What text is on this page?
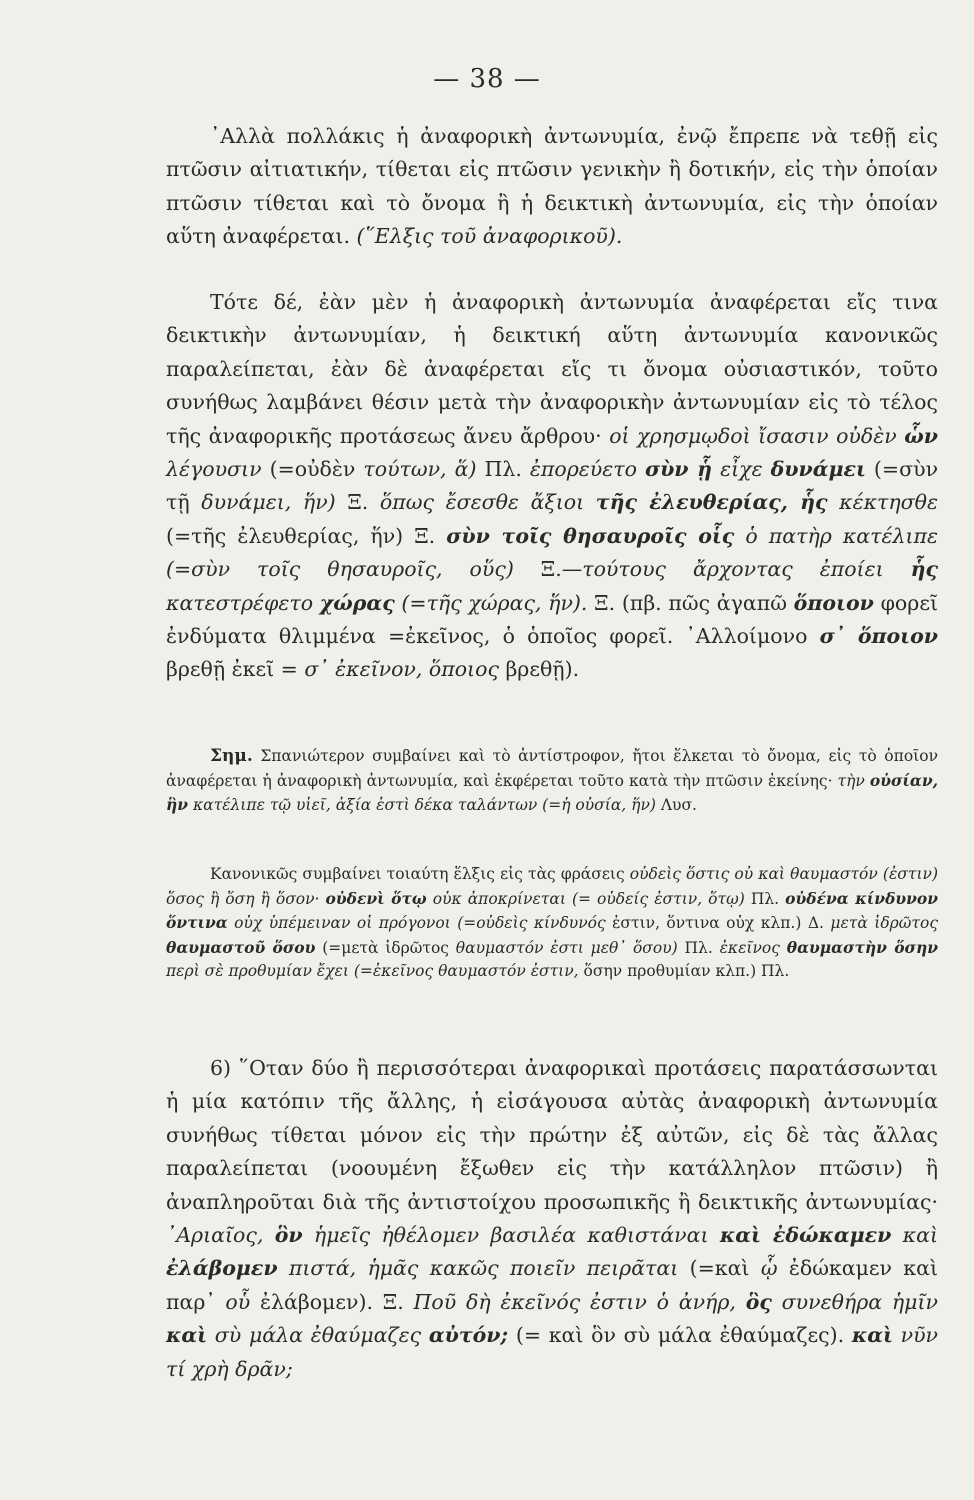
— 38 —

᾿Αλλὰ πολλάκις ἡ ἀναφορικὴ ἀντωνυμία, ἐνῷ ἔπρεπε νὰ τεθῇ εἰς πτῶσιν αἰτιατικήν, τίθεται εἰς πτῶσιν γενικὴν ἢ δοτικήν, εἰς τὴν ὁποίαν πτῶσιν τίθεται καὶ τὸ ὄνομα ἢ ἡ δεικτικὴ ἀντωνυμία, εἰς τὴν ὁποίαν αὕτη ἀναφέρεται. (῞Ελξις τοῦ ἀναφορικοῦ).

Τότε δέ, ἐὰν μὲν ἡ ἀναφορικὴ ἀντωνυμία ἀναφέρεται εἴς τινα δεικτικὴν ἀντωνυμίαν, ἡ δεικτική αὕτη ἀντωνυμία κανονικῶς παραλείπεται, ἐὰν δὲ ἀναφέρεται εἴς τι ὄνομα οὐσιαστικόν, τοῦτο συνήθως λαμβάνει θέσιν μετὰ τὴν ἀναφορικὴν ἀντωνυμίαν εἰς τὸ τέλος τῆς ἀναφορικῆς προτάσεως ἄνευ ἄρθρου· οἱ χρησμῳδοὶ ἴσασιν οὐδὲν ὧν λέγουσιν (=οὐδὲν τούτων, ἅ) Πλ. ἐπορεύετο σὺν ᾗ εἶχε δυνάμει (=σὺν τῇ δυνάμει, ἥν) Ξ. ὅπως ἔσεσθε ἄξιοι τῆς ἐλευθερίας, ἧς κέκτησθε (=τῆς ἐλευθερίας, ἥν) Ξ. σὺν τοῖς θησαυροῖς οἷς ὁ πατὴρ κατέλιπε (=σὺν τοῖς θησαυροῖς, οὕς) Ξ.—τούτους ἄρχοντας ἐποίει ἧς κατεστρέφετο χώρας (=τῆς χώρας, ἥν). Ξ. (πβ. πῶς ἀγαπῶ ὅποιον φορεῖ ἐνδύματα θλιμμένα =ἐκεῖνος, ὁ ὁποῖος φορεῖ. ᾿Αλλοίμονο σ᾿ ὅποιον βρεθῇ ἐκεῖ = σ᾿ ἐκεῖνον, ὅποιος βρεθῇ).

Σημ. Σπανιώτερον συμβαίνει καὶ τὸ ἀντίστροφον, ἤτοι ἕλκεται τὸ ὄνομα, εἰς τὸ ὁποῖον ἀναφέρεται ἡ ἀναφορικὴ ἀντωνυμία, καὶ ἐκφέρεται τοῦτο κατὰ τὴν πτῶσιν ἐκείνης· τὴν οὐσίαν, ἣν κατέλιπε τῷ υἱεῖ, ἀξία ἐστὶ δέκα ταλάντων (=ἡ οὐσία, ἥν) Λυσ.

Κανονικῶς συμβαίνει τοιαύτη ἕλξις εἰς τὰς φράσεις οὐδεὶς ὅστις οὐ καὶ θαυμαστόν (ἐστιν) ὅσος ἢ ὅση ἢ ὅσον· οὐδενὶ ὅτῳ οὐκ ἀποκρίνεται (= οὐδείς ἐστιν, ὅτῳ) Πλ. οὐδένα κίνδυνον ὅντινα οὐχ ὑπέμειναν οἱ πρόγονοι (=οὐδεὶς κίνδυνός ἐστιν, ὅντινα οὐχ κλπ.) Δ. μετὰ ἱδρῶτος θαυμαστοῦ ὅσου (=μετὰ ἱδρῶτος θαυμαστόν ἐστι μεθ᾿ ὅσου) Πλ. ἐκεῖνος θαυμαστὴν ὅσην περὶ σὲ προθυμίαν ἔχει (=ἐκεῖνος θαυμαστόν ἐστιν, ὅσην προθυμίαν κλπ.) Πλ.

6) ῞Οταν δύο ἢ περισσότεραι ἀναφορικαὶ προτάσεις παρατάσσωνται ἡ μία κατόπιν τῆς ἄλλης, ἡ εἰσάγουσα αὐτὰς ἀναφορικὴ ἀντωνυμία συνήθως τίθεται μόνον εἰς τὴν πρώτην ἐξ αὐτῶν, εἰς δὲ τὰς ἄλλας παραλείπεται (νοουμένη ἔξωθεν εἰς τὴν κατάλληλον πτῶσιν) ἢ ἀναπληροῦται διὰ τῆς ἀντιστοίχου προσωπικῆς ἢ δεικτικῆς ἀντωνυμίας· ᾿Αριαῖος, ὃν ἡμεῖς ἠθέλομεν βασιλέα καθιστάναι καὶ ἐδώκαμεν καὶ ἐλάβομεν πιστά, ἡμᾶς κακῶς ποιεῖν πειρᾶται (=καὶ ᾧ ἐδώκαμεν καὶ παρ᾿ οὗ ἐλάβομεν). Ξ. Ποῦ δὴ ἐκεῖνός ἐστιν ὁ ἀνήρ, ὃς συνεθήρα ἡμῖν καὶ σὺ μάλα ἐθαύμαζες αὐτόν; (= καὶ ὃν σὺ μάλα ἐθαύμαζες). καὶ νῦν τί χρὴ δρᾶν;
